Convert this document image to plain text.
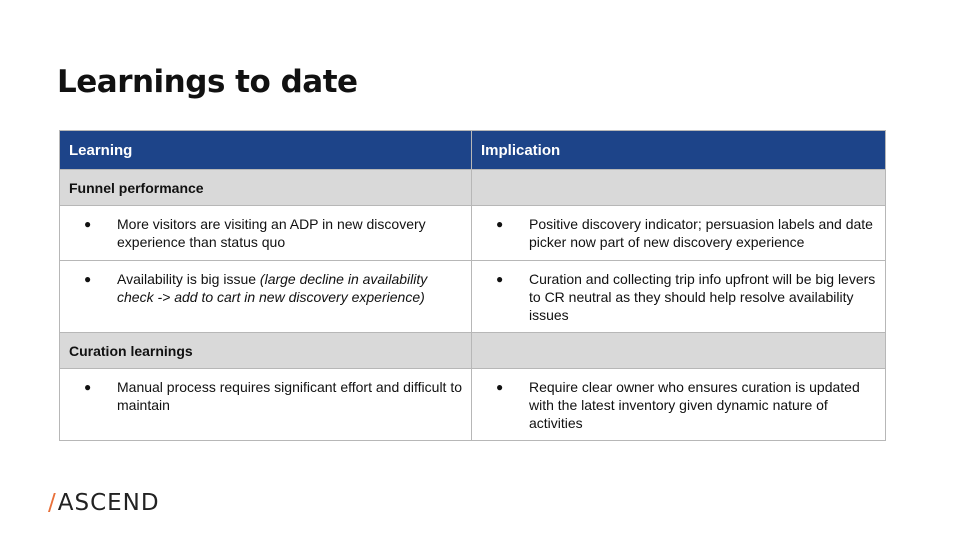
Learnings to date
Learning	Implication
Funnel performance	

● More visitors are visiting an ADP in new discovery experience than status quo	● Positive discovery indicator; persuasion labels and date picker now part of new discovery experience

● Availability is big issue (large decline in availability check -> add to cart in new discovery experience)	● Curation and collecting trip info upfront will be big levers to CR neutral as they should help resolve availability issues

Curation learnings	

● Manual process requires significant effort and difficult to maintain	● Require clear owner who ensures curation is updated with the latest inventory given dynamic nature of activities
/ASCEND
